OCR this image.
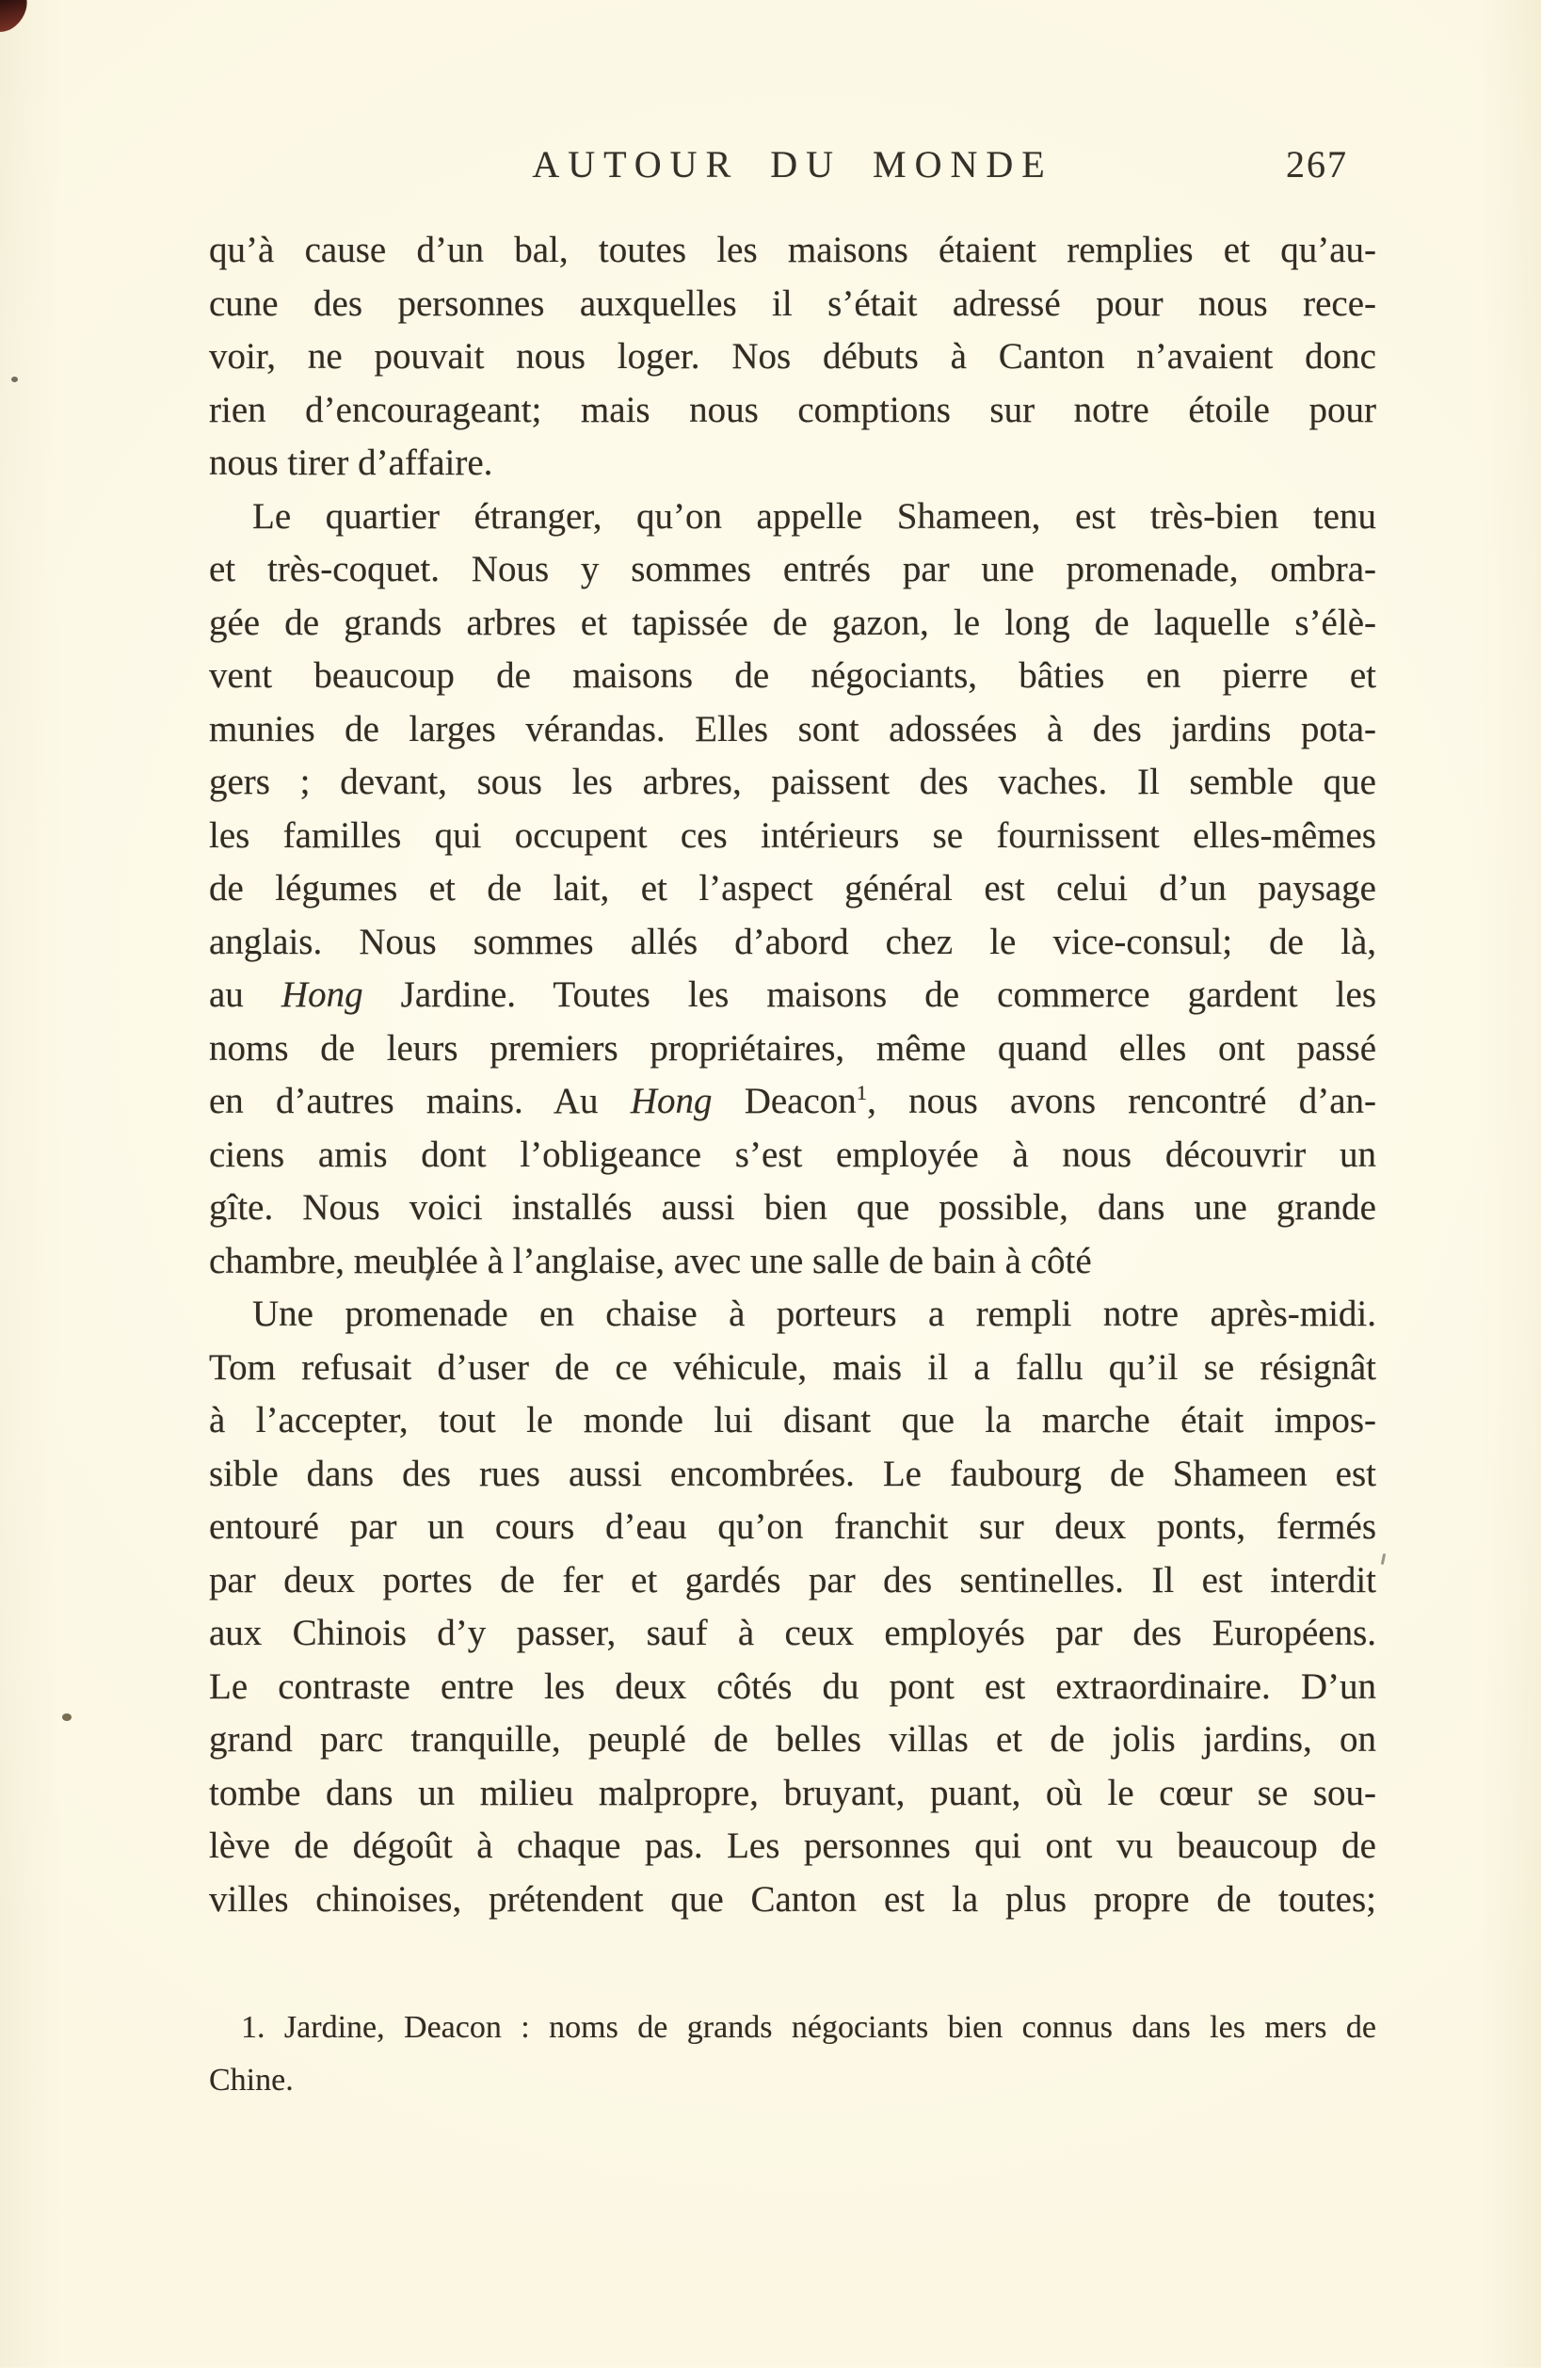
AUTOUR DU MONDE	267
qu’à cause d’un bal, toutes les maisons étaient remplies et qu’au-
cune des personnes auxquelles il s’était adressé pour nous rece-
voir, ne pouvait nous loger. Nos débuts à Canton n’avaient donc
rien d’encourageant; mais nous comptions sur notre étoile pour
nous tirer d’affaire.
Le quartier étranger, qu’on appelle Shameen, est très-bien tenu
et très-coquet. Nous y sommes entrés par une promenade, ombra-
gée de grands arbres et tapissée de gazon, le long de laquelle s’élè-
vent beaucoup de maisons de négociants, bâties en pierre et
munies de larges vérandas. Elles sont adossées à des jardins pota-
gers ; devant, sous les arbres, paissent des vaches. Il semble que
les familles qui occupent ces intérieurs se fournissent elles-mêmes
de légumes et de lait, et l’aspect général est celui d’un paysage
anglais. Nous sommes allés d’abord chez le vice-consul; de là,
au Hong Jardine. Toutes les maisons de commerce gardent les
noms de leurs premiers propriétaires, même quand elles ont passé
en d’autres mains. Au Hong Deacon$^1$, nous avons rencontré d’an-
ciens amis dont l’obligeance s’est employée à nous découvrir un
gîte. Nous voici installés aussi bien que possible, dans une grande
chambre, meublée à l’anglaise, avec une salle de bain à côté
Une promenade en chaise à porteurs a rempli notre après-midi.
Tom refusait d’user de ce véhicule, mais il a fallu qu’il se résignât
à l’accepter, tout le monde lui disant que la marche était impos-
sible dans des rues aussi encombrées. Le faubourg de Shameen est
entouré par un cours d’eau qu’on franchit sur deux ponts, fermés
par deux portes de fer et gardés par des sentinelles. Il est interdit
aux Chinois d’y passer, sauf à ceux employés par des Européens.
Le contraste entre les deux côtés du pont est extraordinaire. D’un
grand parc tranquille, peuplé de belles villas et de jolis jardins, on
tombe dans un milieu malpropre, bruyant, puant, où le cœur se sou-
lève de dégoût à chaque pas. Les personnes qui ont vu beaucoup de
villes chinoises, prétendent que Canton est la plus propre de toutes;
1. Jardine, Deacon : noms de grands négociants bien connus dans les mers de
Chine.
